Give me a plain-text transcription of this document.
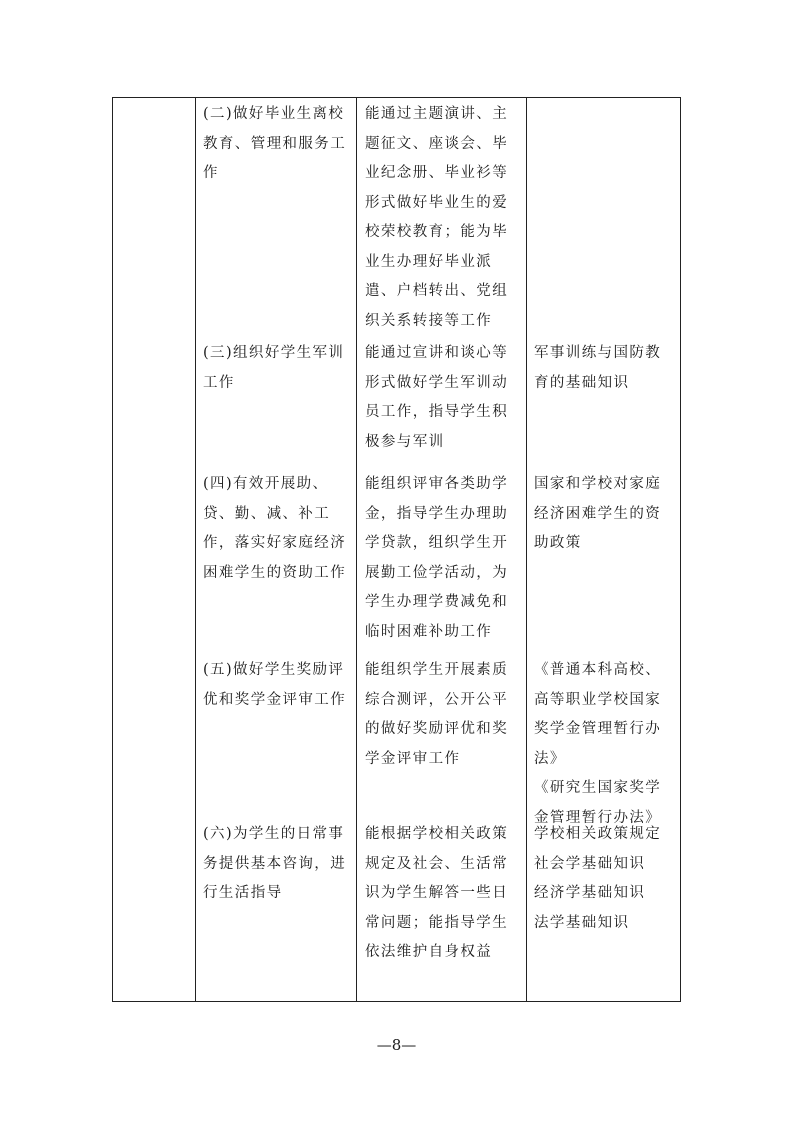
(二)做好毕业生离校教育、管理和服务工作
能通过主题演讲、主题征文、座谈会、毕业纪念册、毕业衫等形式做好毕业生的爱校荣校教育；能为毕业生办理好毕业派遣、户档转出、党组织关系转接等工作
(三)组织好学生军训工作
能通过宣讲和谈心等形式做好学生军训动员工作，指导学生积极参与军训
军事训练与国防教育的基础知识
(四)有效开展助、贷、勤、减、补工作，落实好家庭经济困难学生的资助工作
能组织评审各类助学金，指导学生办理助学贷款，组织学生开展勤工俭学活动，为学生办理学费减免和临时困难补助工作
国家和学校对家庭经济困难学生的资助政策
(五)做好学生奖励评优和奖学金评审工作
能组织学生开展素质综合测评，公开公平的做好奖励评优和奖学金评审工作
《普通本科高校、高等职业学校国家奖学金管理暂行办法》
《研究生国家奖学金管理暂行办法》
(六)为学生的日常事务提供基本咨询，进行生活指导
能根据学校相关政策规定及社会、生活常识为学生解答一些日常问题；能指导学生依法维护自身权益
学校相关政策规定
社会学基础知识
经济学基础知识
法学基础知识
—8—
